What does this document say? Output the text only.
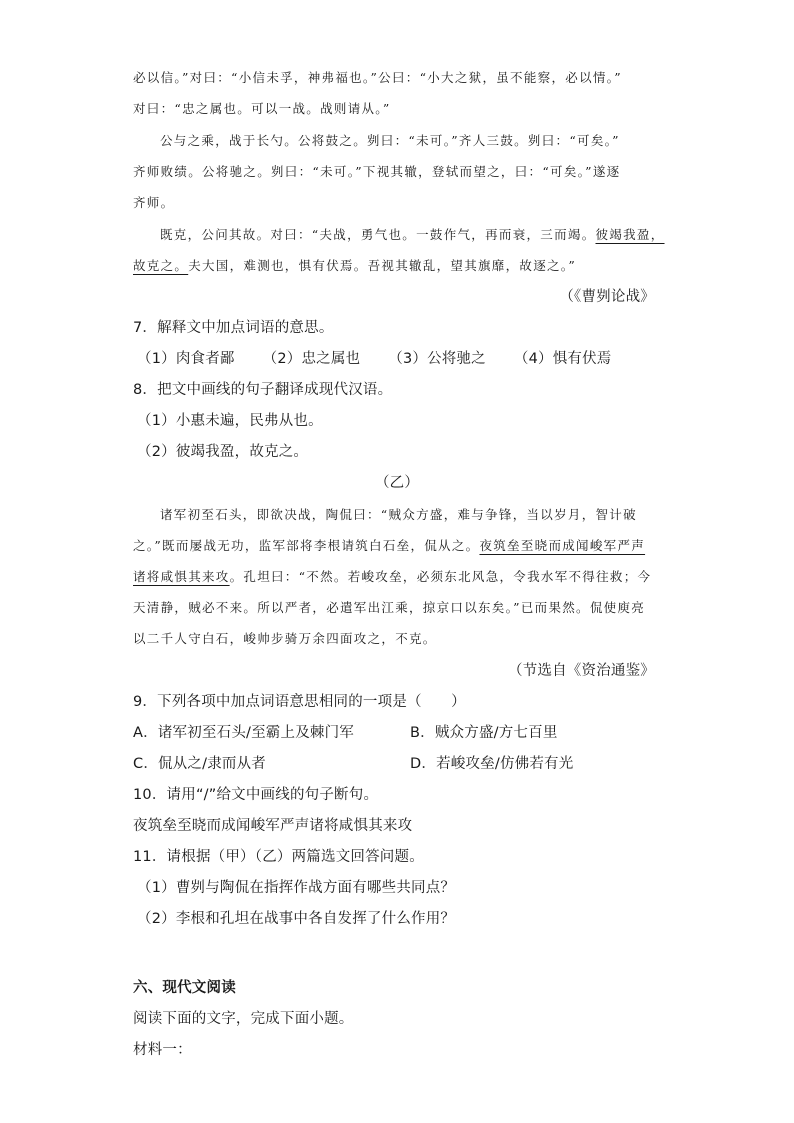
必以信。”对曰：“小信未孚，神弗福也。”公曰：“小大之狱，虽不能察，必以情。”
对曰：“忠之属也。可以一战。战则请从。”
公与之乘，战于长勺。公将鼓之。刿曰：“未可。”齐人三鼓。刿曰：“可矣。”
齐师败绩。公将驰之。刿曰：“未可。”下视其辙，登轼而望之，曰：“可矣。”遂逐
齐师。
既克，公问其故。对曰：“夫战，勇气也。一鼓作气，再而衰，三而竭。彼竭我盈，
故克之。夫大国，难测也，惧有伏焉。吾视其辙乱，望其旗靡，故逐之。”
（《曹刿论战》
7．解释文中加点词语的意思。
（1）肉食者鄙 （2）忠之属也 （3）公将驰之 （4）惧有伏焉
8．把文中画线的句子翻译成现代汉语。
（1）小惠未遍，民弗从也。
（2）彼竭我盈，故克之。
（乙）
诸军初至石头，即欲决战，陶侃曰：“贼众方盛，难与争锋，当以岁月，智计破
之。”既而屡战无功，监军部将李根请筑白石垒，侃从之。夜筑垒至晓而成闻峻军严声
诸将咸惧其来攻。孔坦曰：“不然。若峻攻垒，必须东北风急，令我水军不得往救；今
天清静，贼必不来。所以严者，必遣军出江乘，掠京口以东矣。”已而果然。侃使庾亮
以二千人守白石，峻帅步骑万余四面攻之，不克。
（节选自《资治通鉴》
9．下列各项中加点词语意思相同的一项是（　　）
A．诸军初至石头/至霸上及棘门军	B．贼众方盛/方七百里
C．侃从之/隶而从者	D．若峻攻垒/仿佛若有光
10．请用“/”给文中画线的句子断句。
夜筑垒至晓而成闻峻军严声诸将咸惧其来攻
11．请根据（甲）（乙）两篇选文回答问题。
（1）曹刿与陶侃在指挥作战方面有哪些共同点？
（2）李根和孔坦在战事中各自发挥了什么作用？
六、现代文阅读
阅读下面的文字，完成下面小题。
材料一：
